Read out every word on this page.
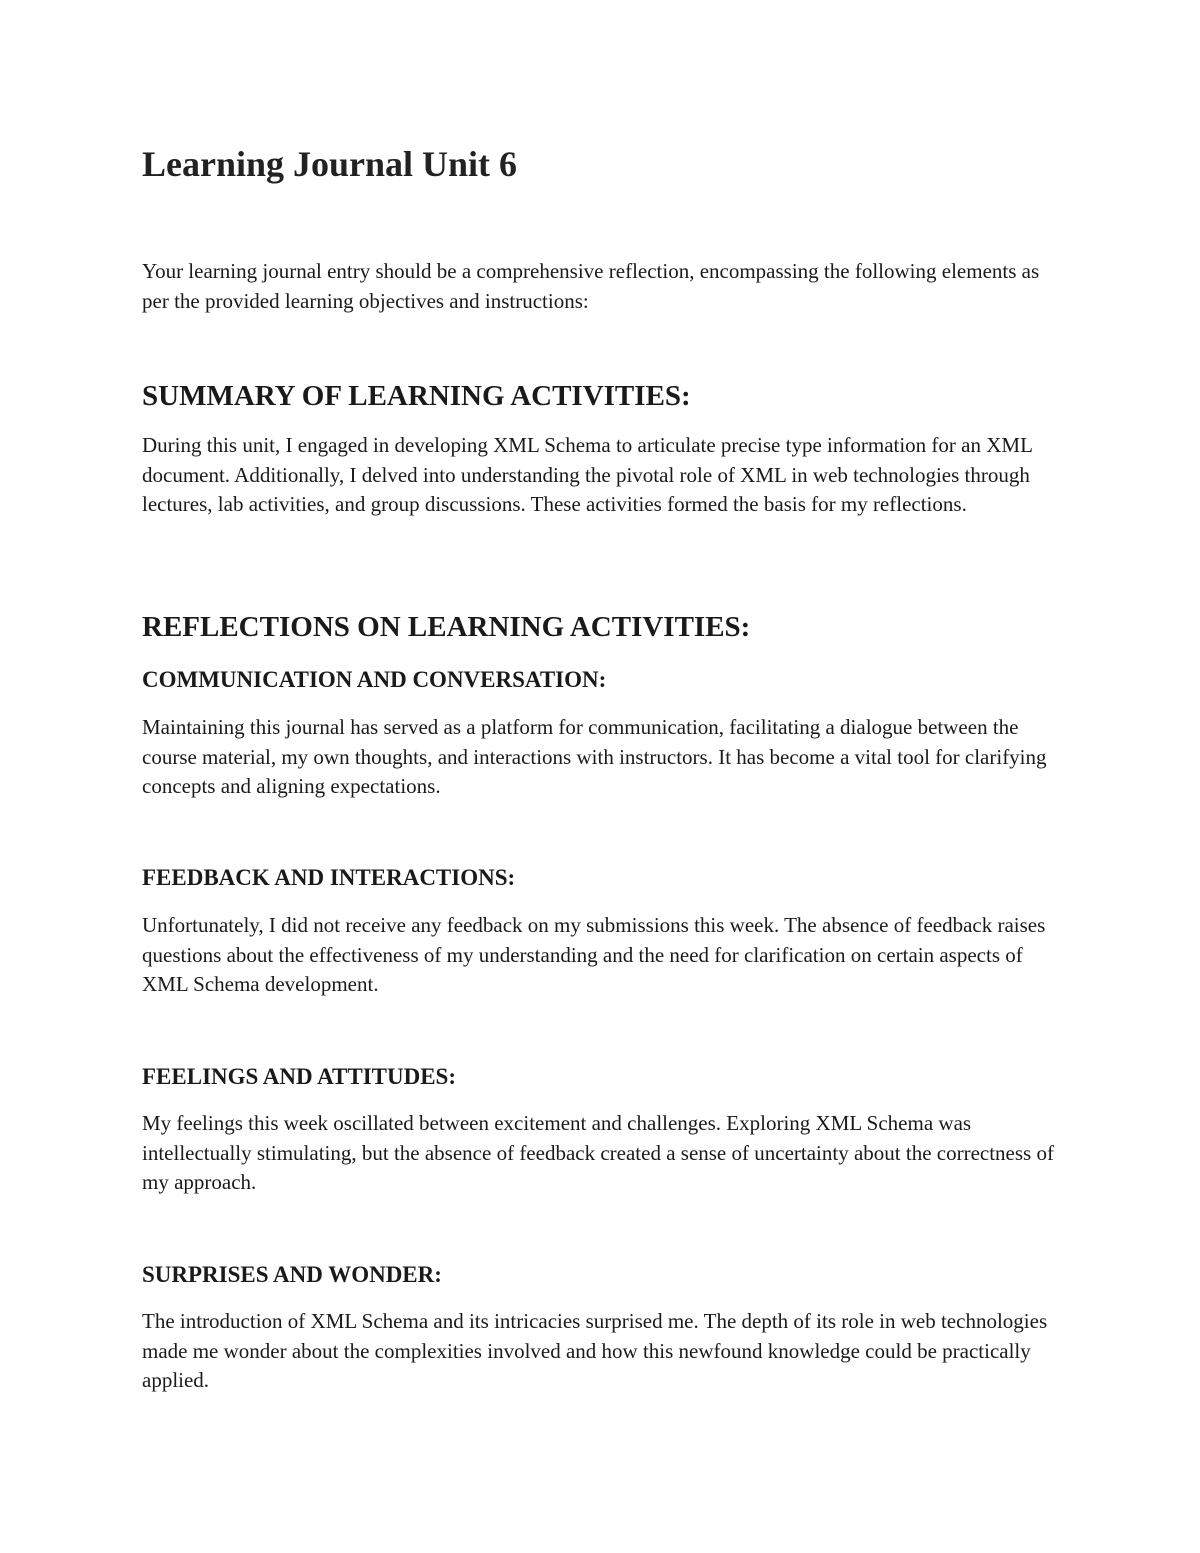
Learning Journal Unit 6

Your learning journal entry should be a comprehensive reflection, encompassing the following elements as per the provided learning objectives and instructions:

SUMMARY OF LEARNING ACTIVITIES:

During this unit, I engaged in developing XML Schema to articulate precise type information for an XML document. Additionally, I delved into understanding the pivotal role of XML in web technologies through lectures, lab activities, and group discussions. These activities formed the basis for my reflections.

REFLECTIONS ON LEARNING ACTIVITIES:
COMMUNICATION AND CONVERSATION:

Maintaining this journal has served as a platform for communication, facilitating a dialogue between the course material, my own thoughts, and interactions with instructors. It has become a vital tool for clarifying concepts and aligning expectations.

FEEDBACK AND INTERACTIONS:

Unfortunately, I did not receive any feedback on my submissions this week. The absence of feedback raises questions about the effectiveness of my understanding and the need for clarification on certain aspects of XML Schema development.

FEELINGS AND ATTITUDES:

My feelings this week oscillated between excitement and challenges. Exploring XML Schema was intellectually stimulating, but the absence of feedback created a sense of uncertainty about the correctness of my approach.

SURPRISES AND WONDER:

The introduction of XML Schema and its intricacies surprised me. The depth of its role in web technologies made me wonder about the complexities involved and how this newfound knowledge could be practically applied.
